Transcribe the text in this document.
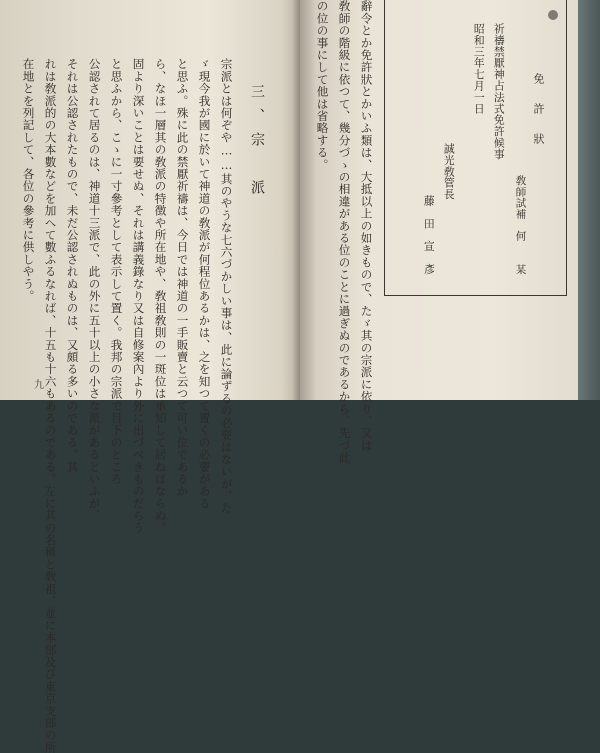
三、宗　派
宗派とは何ぞや……其のやうな七六づかしい事は、此に論ずるの必要はないが、た
ゞ現今我が國に於いて神道の敎派が何程位あるかは、之を知つて置くの必要がある
と思ふ。殊に此の禁厭祈禱は、今日では神道の一手販賣と云つて可い位であるか
ら、なほ一層其の敎派の特徴や所在地や、敎祖敎則の一斑位は承知して居ねばならぬ。
固より深いことは要せぬ、それは講義錄なり又は自修案內より外に出づべきものだらう
と思ふから、こゝに一寸參考として表示して置く。我邦の宗派で目下のところ
公認されて居るのは、神道十三派で、此の外に五十以上の小さな派があるといふが、
それは公認されたもので、未だ公認されぬものは、又頗る多いのである。其
れは敎派的の大本數などを加へて數ふるなれば、十五も十六もあるのである。左に其の名稱と敎祖、並に本部及び東京支部の所
在地とを列記して、各位の參考に供しやう。
九	辭令とか免許狀とかいふ類は、大抵以上の如きもので、たゞ其の宗派に依り、又は
敎師の階級に依つて、幾分づゝの相違がある位のことに過ぎぬのであるから、先づ此
の位の事にして他は省略する。	免　許　狀
敎師試補　何　　某
祈禱禁厭神占法式免許候事
昭和三年七月一日
誠光敎管長
藤　田　宣　彥
